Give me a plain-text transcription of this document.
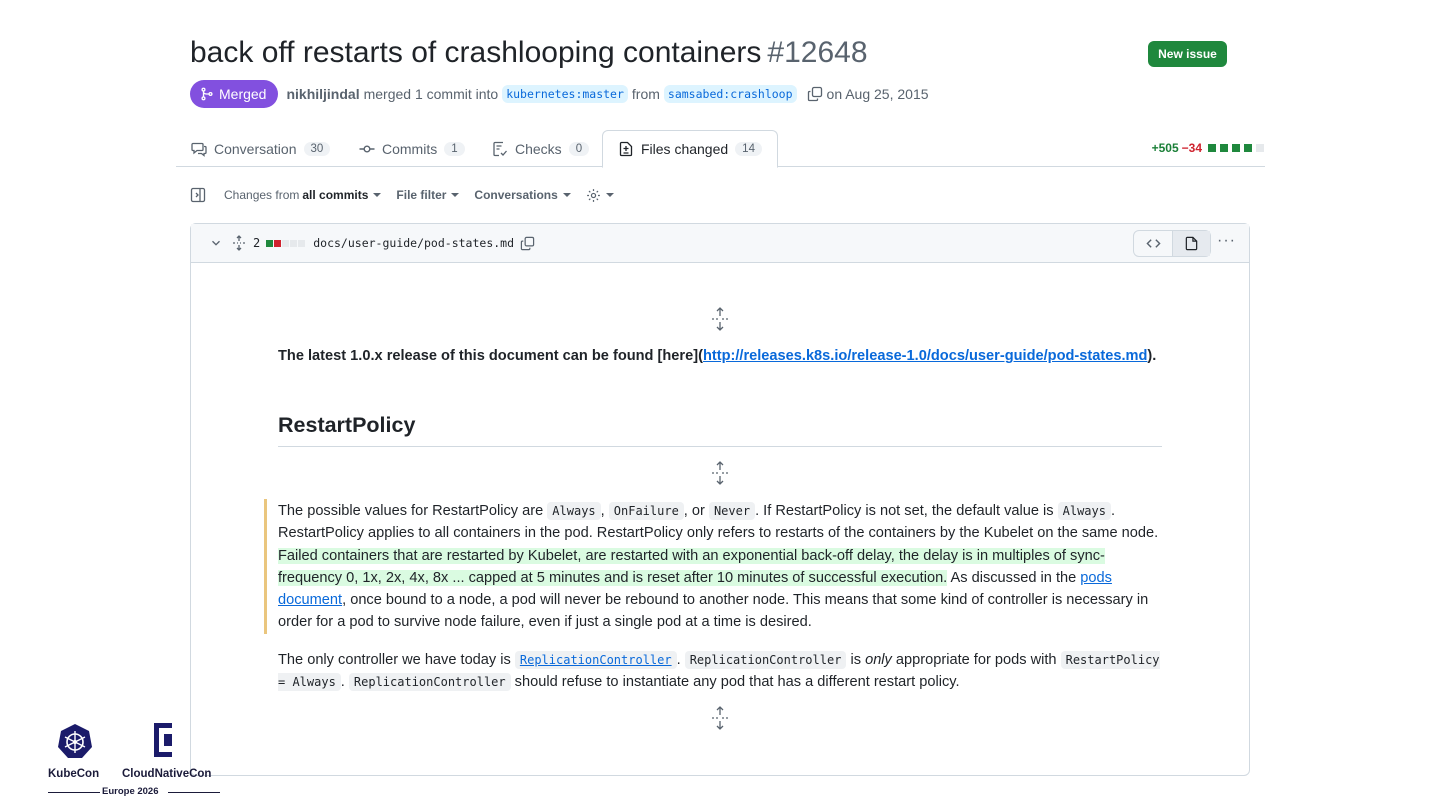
back off restarts of crashlooping containers #12648	New issue
Merged nikhiljindal merged 1 commit into kubernetes:master from samsabed:crashloop on Aug 25, 2015
Conversation	30	Commits	1	Checks	0	Files changed	14	+505 −34
Changes from all commits File filter Conversations
2	docs/user-guide/pod-states.md	···
The latest 1.0.x release of this document can be found [here](http://releases.k8s.io/release-1.0/docs/user-guide/pod-states.md).
RestartPolicy
The possible values for RestartPolicy are Always , OnFailure , or Never . If RestartPolicy is not set, the default value is Always . RestartPolicy applies to all containers in the pod. RestartPolicy only refers to restarts of the containers by the Kubelet on the same node. Failed containers that are restarted by Kubelet, are restarted with an exponential back-off delay, the delay is in multiples of sync-frequency 0, 1x, 2x, 4x, 8x ... capped at 5 minutes and is reset after 10 minutes of successful execution. As discussed in the pods document, once bound to a node, a pod will never be rebound to another node. This means that some kind of controller is necessary in order for a pod to survive node failure, even if just a single pod at a time is desired.
The only controller we have today is ReplicationController . ReplicationController is only appropriate for pods with RestartPolicy = Always . ReplicationController should refuse to instantiate any pod that has a different restart policy.
KubeCon CloudNativeCon
Europe 2026
